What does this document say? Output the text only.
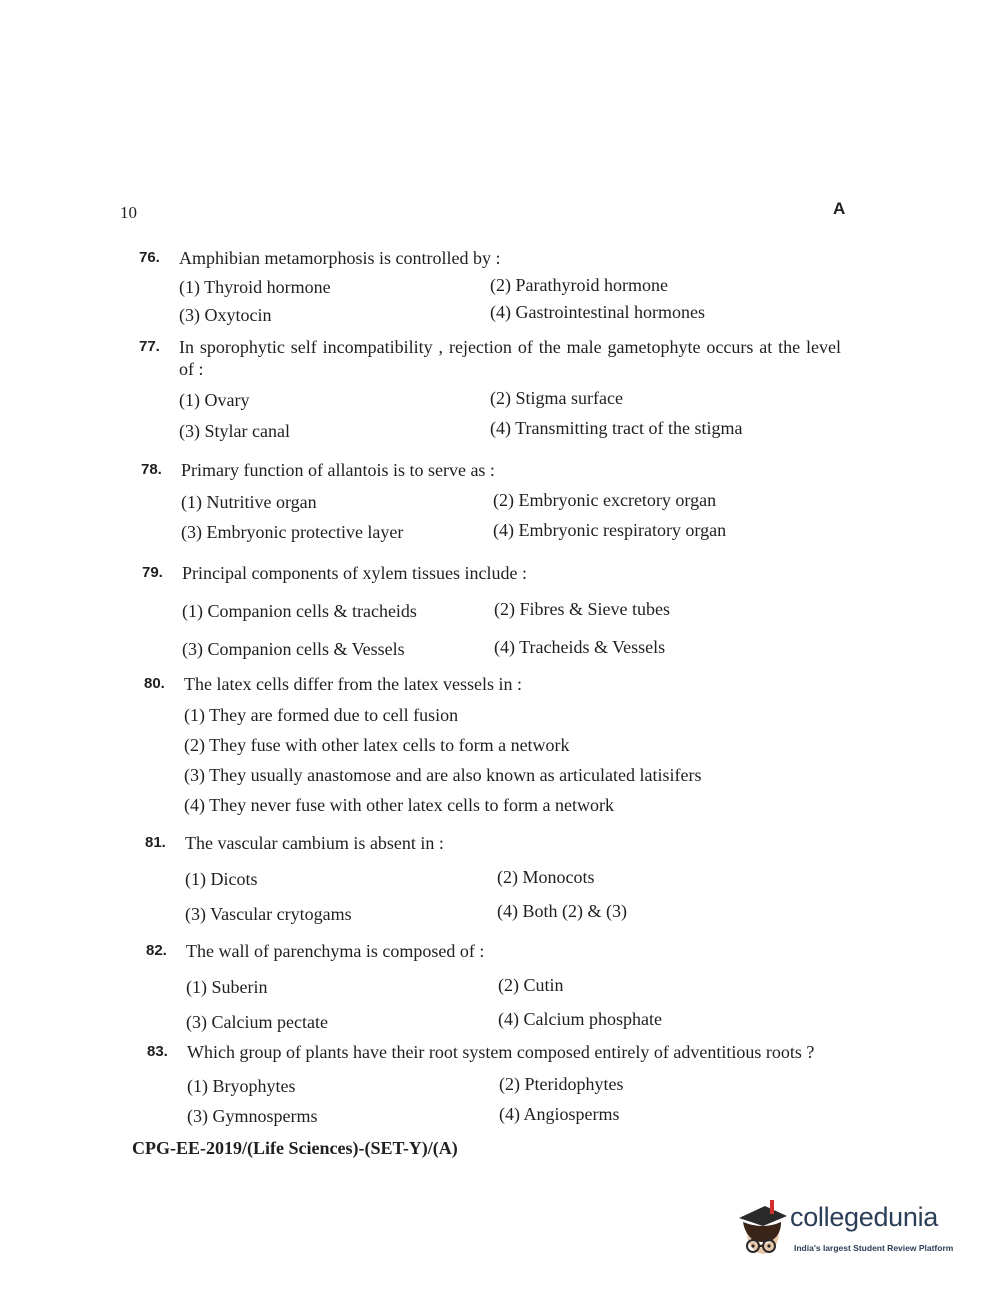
10	A
76. Amphibian metamorphosis is controlled by :
(1) Thyroid hormone	(2) Parathyroid hormone
(3) Oxytocin	(4) Gastrointestinal hormones
77. In sporophytic self incompatibility , rejection of the male gametophyte occurs at the level of :
(1) Ovary	(2) Stigma surface
(3) Stylar canal	(4) Transmitting tract of the stigma
78. Primary function of allantois is to serve as :
(1) Nutritive organ	(2) Embryonic excretory organ
(3) Embryonic protective layer	(4) Embryonic respiratory organ
79. Principal components of xylem tissues include :
(1) Companion cells & tracheids	(2) Fibres & Sieve tubes
(3) Companion cells & Vessels	(4) Tracheids & Vessels
80. The latex cells differ from the latex vessels in :
(1) They are formed due to cell fusion
(2) They fuse with other latex cells to form a network
(3) They usually anastomose and are also known as articulated latisifers
(4) They never fuse with other latex cells to form a network
81. The vascular cambium is absent in :
(1) Dicots	(2) Monocots
(3) Vascular crytogams	(4) Both (2) & (3)
82. The wall of parenchyma is composed of :
(1) Suberin	(2) Cutin
(3) Calcium pectate	(4) Calcium phosphate
83. Which group of plants have their root system composed entirely of adventitious roots ?
(1) Bryophytes	(2) Pteridophytes
(3) Gymnosperms	(4) Angiosperms
CPG-EE-2019/(Life Sciences)-(SET-Y)/(A)
collegedunia
India's largest Student Review Platform
